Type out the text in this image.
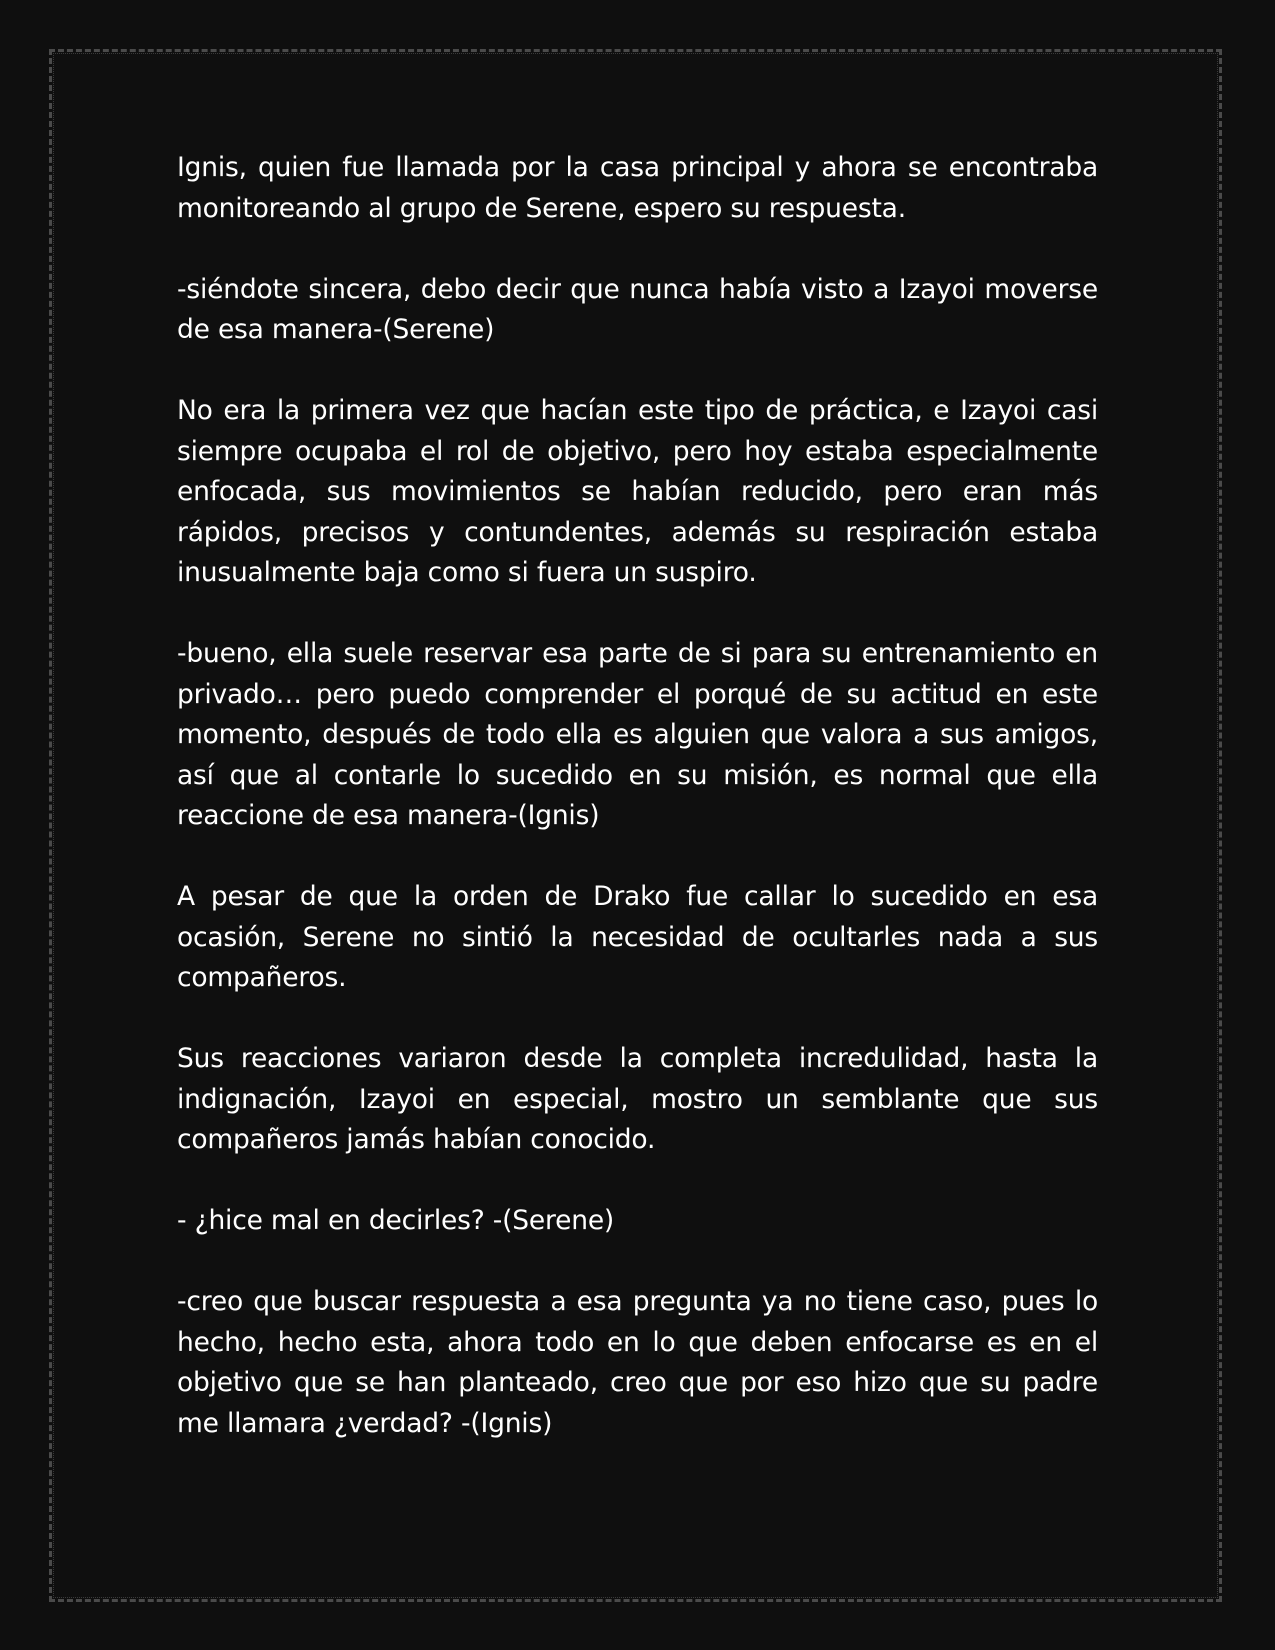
Ignis, quien fue llamada por la casa principal y ahora se encontraba monitoreando al grupo de Serene, espero su respuesta.

-siéndote sincera, debo decir que nunca había visto a Izayoi moverse de esa manera-(Serene)

No era la primera vez que hacían este tipo de práctica, e Izayoi casi siempre ocupaba el rol de objetivo, pero hoy estaba especialmente enfocada, sus movimientos se habían reducido, pero eran más rápidos, precisos y contundentes, además su respiración estaba inusualmente baja como si fuera un suspiro.

-bueno, ella suele reservar esa parte de si para su entrenamiento en privado… pero puedo comprender el porqué de su actitud en este momento, después de todo ella es alguien que valora a sus amigos, así que al contarle lo sucedido en su misión, es normal que ella reaccione de esa manera-(Ignis)

A pesar de que la orden de Drako fue callar lo sucedido en esa ocasión, Serene no sintió la necesidad de ocultarles nada a sus compañeros.

Sus reacciones variaron desde la completa incredulidad, hasta la indignación, Izayoi en especial, mostro un semblante que sus compañeros jamás habían conocido.

- ¿hice mal en decirles? -(Serene)

-creo que buscar respuesta a esa pregunta ya no tiene caso, pues lo hecho, hecho esta, ahora todo en lo que deben enfocarse es en el objetivo que se han planteado, creo que por eso hizo que su padre me llamara ¿verdad? -(Ignis)
